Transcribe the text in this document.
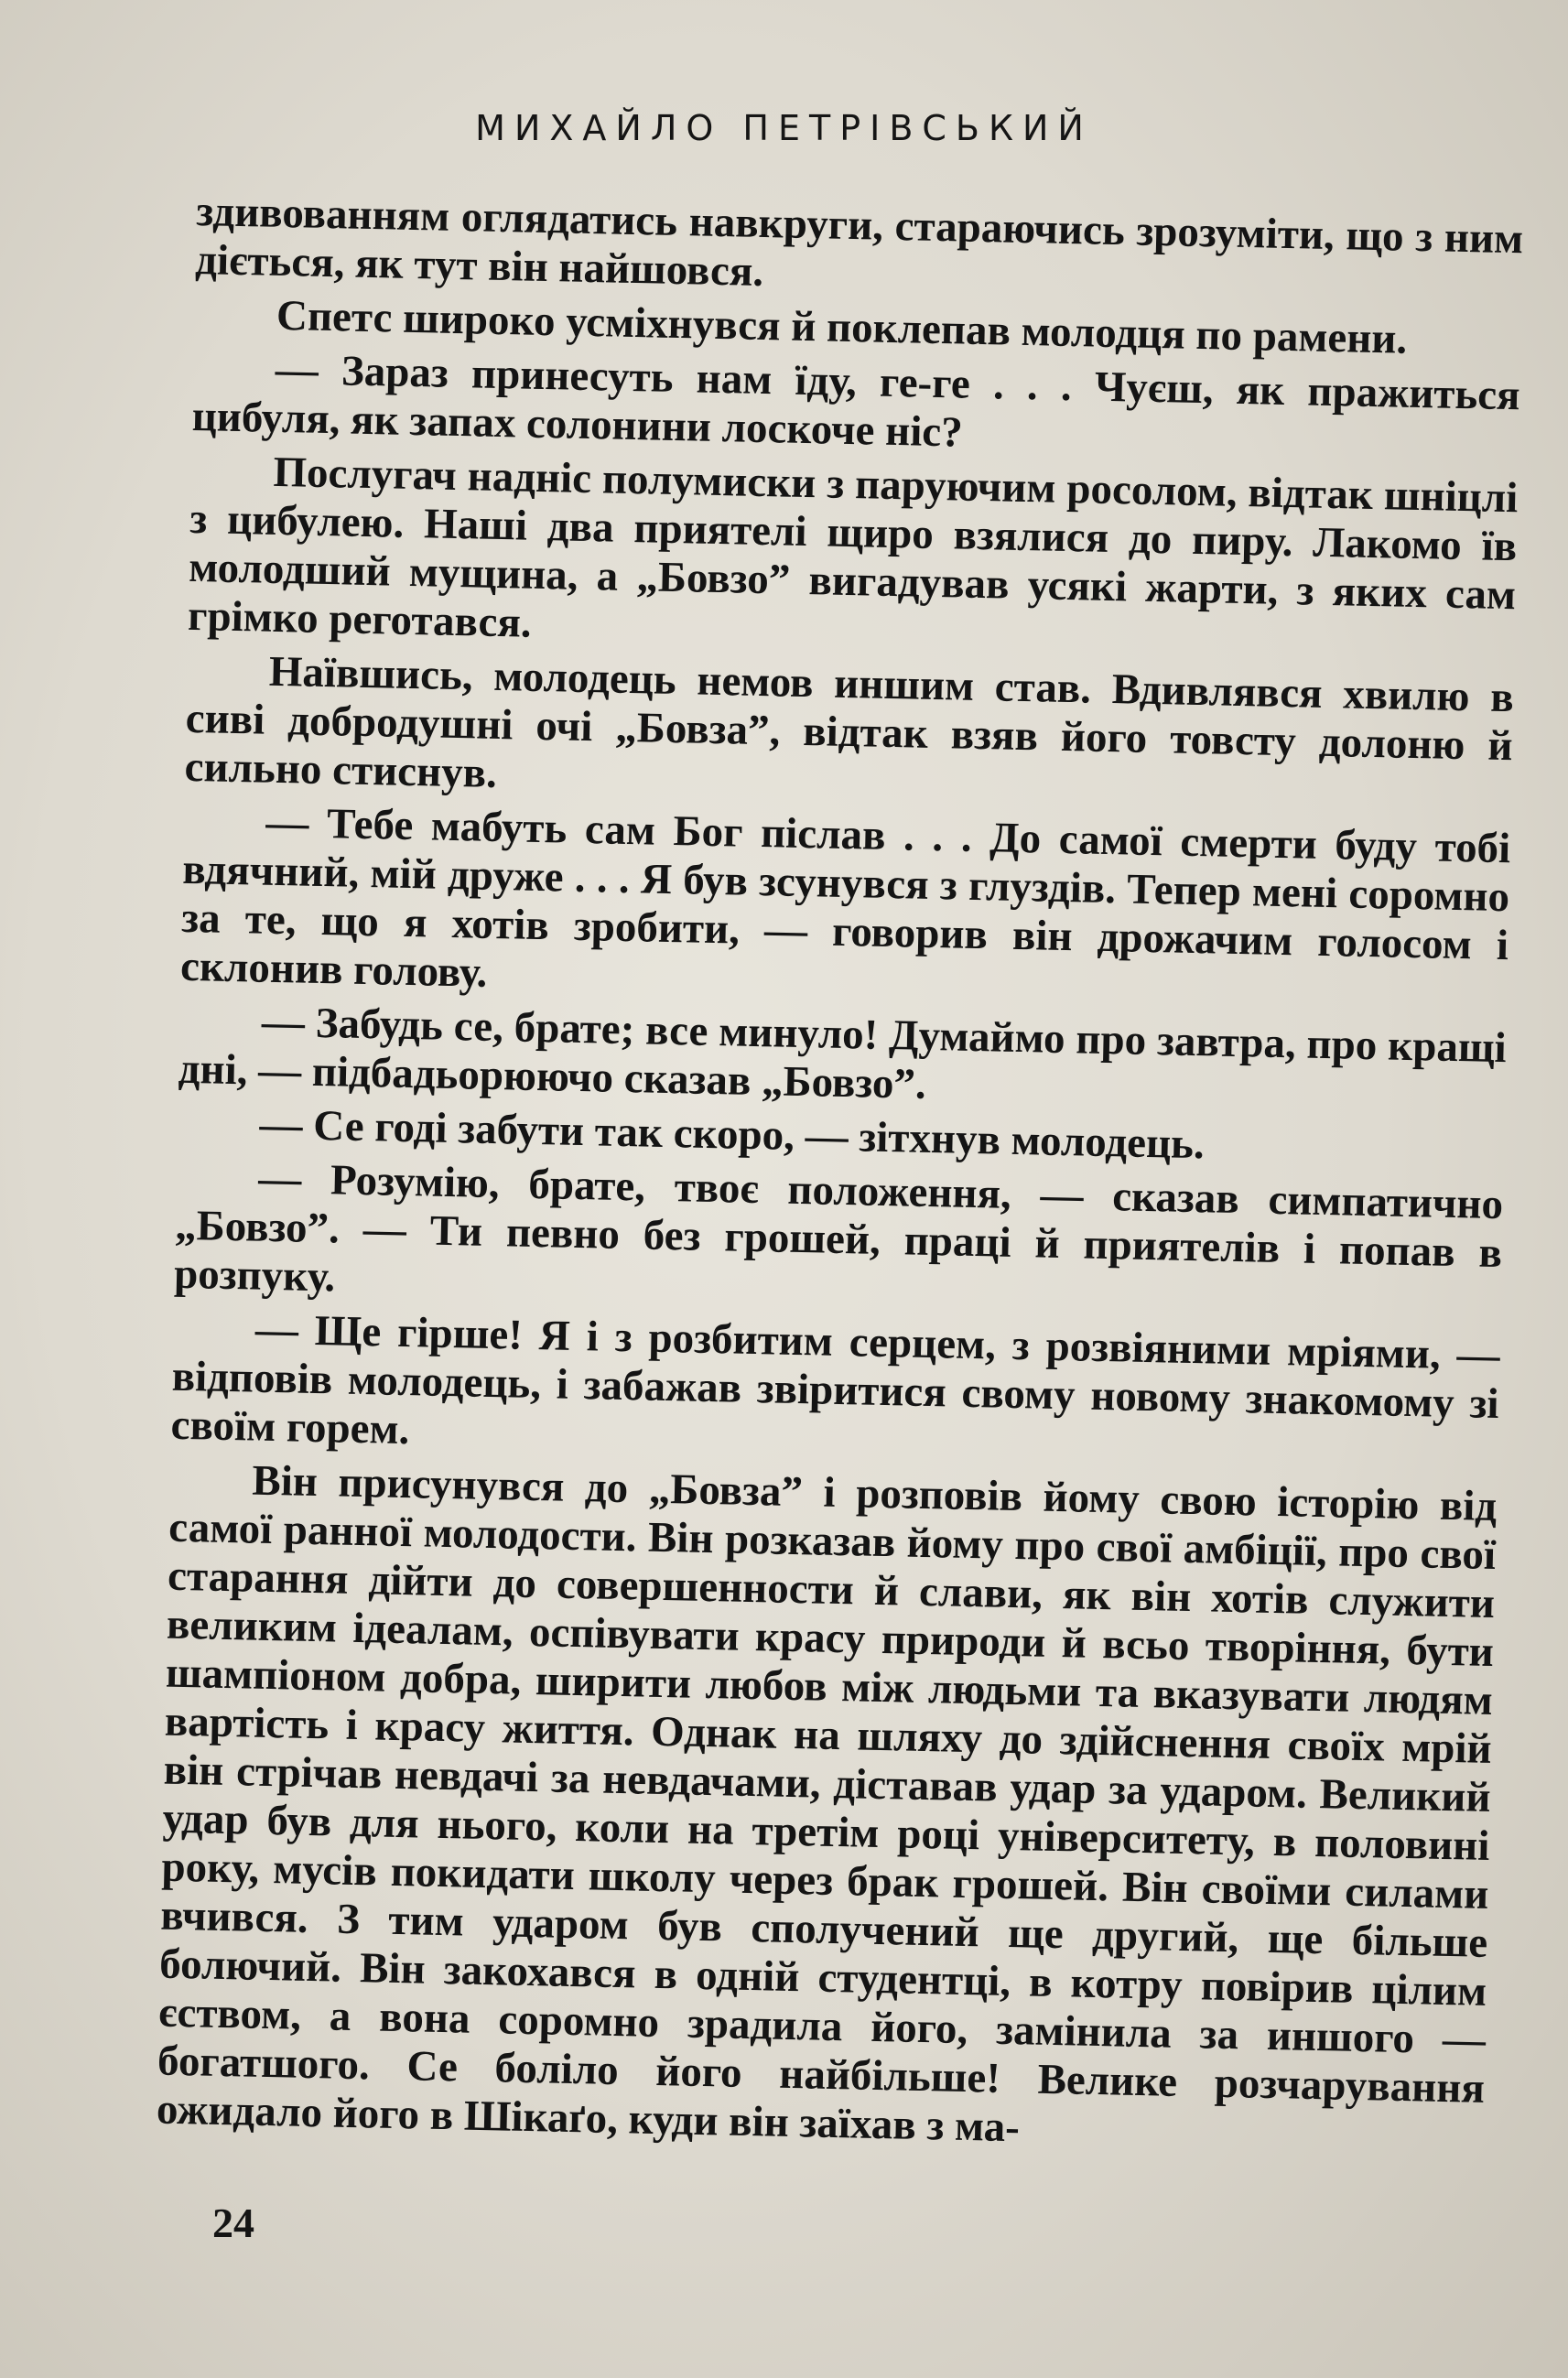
МИХАЙЛО ПЕТРІВСЬКИЙ

здивованням оглядатись навкруги, стараючись зрозуміти, що з ним діється, як тут він найшовся.

Спетс широко усміхнувся й поклепав молодця по рамени.

— Зараз принесуть нам їду, ге-ге . . . Чуєш, як пражиться цибуля, як запах солонини лоскоче ніс?

Послугач надніс полумиски з паруючим росолом, відтак шніцлі з цибулею. Наші два приятелі щиро взялися до пиру. Лакомо їв молодший мущина, а „Бовзо” вигадував усякі жарти, з яких сам грімко реготався.

Наївшись, молодець немов иншим став. Вдивлявся хвилю в сиві добродушні очі „Бовза”, відтак взяв його товсту долоню й сильно стиснув.

— Тебе мабуть сам Бог післав . . . До самої смерти буду тобі вдячний, мій друже . . . Я був зсунувся з глуздів. Тепер мені соромно за те, що я хотів зробити, — говорив він дрожачим голосом і склонив голову.

— Забудь се, брате; все минуло! Думаймо про завтра, про кращі дні, — підбадьорюючо сказав „Бовзо”.

— Се годі забути так скоро, — зітхнув молодець.

— Розумію, брате, твоє положення, — сказав симпатично „Бовзо”. — Ти певно без грошей, праці й приятелів і попав в розпуку.

— Ще гірше! Я і з розбитим серцем, з розвіяними мріями, — відповів молодець, і забажав звіритися свому новому знакомому зі своїм горем.

Він присунувся до „Бовза” і розповів йому свою історію від самої ранної молодости. Він розказав йому про свої амбіції, про свої старання дійти до совершенности й слави, як він хотів служити великим ідеалам, оспівувати красу природи й всьо творіння, бути шампіоном добра, ширити любов між людьми та вказувати людям вартість і красу життя. Однак на шляху до здійснення своїх мрій він стрічав невдачі за невдачами, діставав удар за ударом. Великий удар був для нього, коли на третім році університету, в половині року, мусів покидати школу через брак грошей. Він своїми силами вчився. З тим ударом був сполучений ще другий, ще більше болючий. Він закохався в одній студентці, в котру повірив цілим єством, а вона соромно зрадила його, замінила за иншого — богатшого. Се боліло його найбільше! Велике розчарування ожидало його в Шікаґо, куди він заїхав з ма-

24
